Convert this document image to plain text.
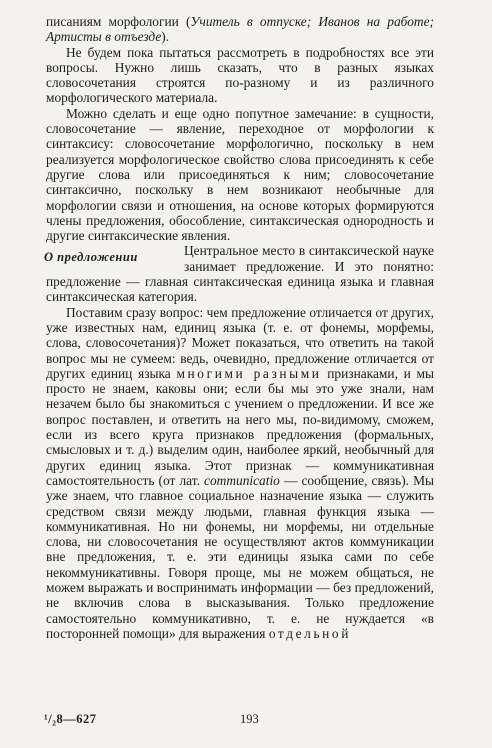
писаниям морфологии (Учитель в отпуске; Иванов на работе; Артисты в отъезде).

Не будем пока пытаться рассмотреть в подробностях все эти вопросы. Нужно лишь сказать, что в разных языках словосочетания строятся по-разному и из различного морфологического материала.

Можно сделать и еще одно попутное замечание: в сущности, словосочетание — явление, переходное от морфологии к синтаксису: словосочетание морфологично, поскольку в нем реализуется морфологическое свойство слова присоединять к себе другие слова или присоединяться к ним; словосочетание синтаксично, поскольку в нем возникают необычные для морфологии связи и отношения, на основе которых формируются члены предложения, обособление, синтаксическая однородность и другие синтаксические явления.

О предложении	Центральное место в синтаксической науке занимает предложение. И это понятно: предложение — главная синтаксическая единица языка и главная синтаксическая категория.

Поставим сразу вопрос: чем предложение отличается от других, уже известных нам, единиц языка (т. е. от фонемы, морфемы, слова, словосочетания)? Может показаться, что ответить на такой вопрос мы не сумеем: ведь, очевидно, предложение отличается от других единиц языка многими разными признаками, и мы просто не знаем, каковы они; если бы мы это уже знали, нам незачем было бы знакомиться с учением о предложении. И все же вопрос поставлен, и ответить на него мы, по-видимому, сможем, если из всего круга признаков предложения (формальных, смысловых и т. д.) выделим один, наиболее яркий, необычный для других единиц языка. Этот признак — коммуникативная самостоятельность (от лат. communicatio — сообщение, связь). Мы уже знаем, что главное социальное назначение языка — служить средством связи между людьми, главная функция языка — коммуникативная. Но ни фонемы, ни морфемы, ни отдельные слова, ни словосочетания не осуществляют актов коммуникации вне предложения, т. е. эти единицы языка сами по себе некоммуникативны. Говоря проще, мы не можем общаться, не можем выражать и воспринимать информации — без предложений, не включив слова в высказывания. Только предложение самостоятельно коммуникативно, т. е. не нуждается «в посторонней помощи» для выражения отдельной

¹/₂8—627	193
